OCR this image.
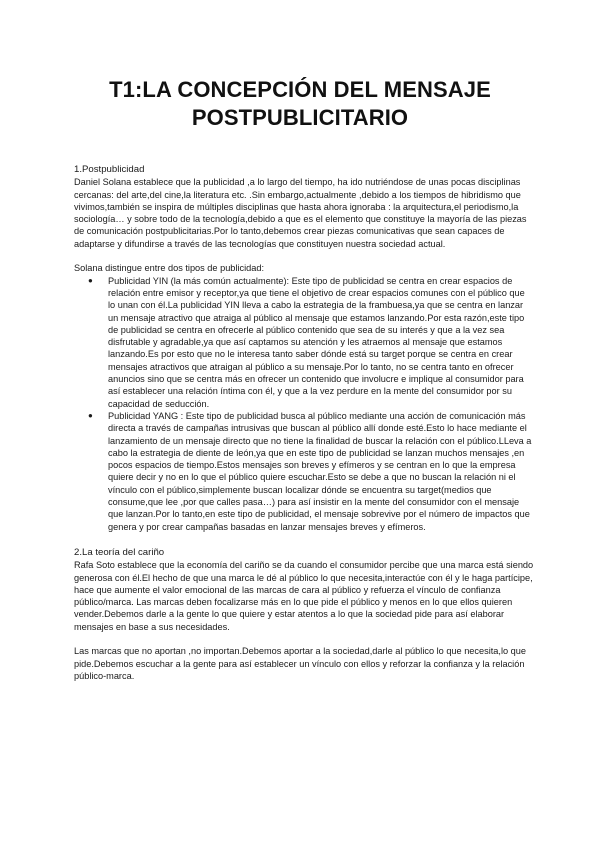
T1:LA CONCEPCIÓN DEL MENSAJE
POSTPUBLICITARIO

1.Postpublicidad

Daniel Solana establece que la publicidad ,a lo largo del tiempo, ha ido nutriéndose de unas pocas disciplinas cercanas: del arte,del cine,la literatura etc. .Sin embargo,actualmente ,debido a los tiempos de hibridismo que vivimos,también se inspira de múltiples disciplinas que hasta ahora ignoraba : la arquitectura,el periodismo,la sociología… y sobre todo de la tecnología,debido a que es el elemento que constituye la mayoría de las piezas de comunicación postpublicitarias.Por lo tanto,debemos crear piezas comunicativas que sean capaces de adaptarse y difundirse a través de las tecnologías que constituyen nuestra sociedad actual.

Solana distingue entre dos tipos de publicidad:

● Publicidad YIN (la más común actualmente): Este tipo de publicidad se centra en crear espacios de relación entre emisor y receptor,ya que tiene el objetivo de crear espacios comunes con el público que lo unan con él.La publicidad YIN lleva a cabo la estrategia de la frambuesa,ya que se centra en lanzar un mensaje atractivo que atraiga al público al mensaje que estamos lanzando.Por esta razón,este tipo de publicidad se centra en ofrecerle al público contenido que sea de su interés y que a la vez sea disfrutable y agradable,ya que así captamos su atención y les atraemos al mensaje que estamos lanzando.Es por esto que no le interesa tanto saber dónde está su target porque se centra en crear mensajes atractivos que atraigan al público a su mensaje.Por lo tanto, no se centra tanto en ofrecer anuncios sino que se centra más en ofrecer un contenido que involucre e implique al consumidor para así establecer una relación íntima con él, y que a la vez perdure en la mente del consumidor por su capacidad de seducción.
● Publicidad YANG : Este tipo de publicidad busca al público mediante una acción de comunicación más directa a través de campañas intrusivas que buscan al público allí donde esté.Esto lo hace mediante el lanzamiento de un mensaje directo que no tiene la finalidad de buscar la relación con el público.LLeva a cabo la estrategia de diente de león,ya que en este tipo de publicidad se lanzan muchos mensajes ,en pocos espacios de tiempo.Estos mensajes son breves y efímeros y se centran en lo que la empresa quiere decir y no en lo que el público quiere escuchar.Esto se debe a que no buscan la relación ni el vínculo con el público,simplemente buscan localizar dónde se encuentra su target(medios que consume,que lee ,por que calles pasa…) para así insistir en la mente del consumidor con el mensaje que lanzan.Por lo tanto,en este tipo de publicidad, el mensaje sobrevive por el número de impactos que genera y por crear campañas basadas en lanzar mensajes breves y efímeros.

2.La teoría del cariño

Rafa Soto establece que la economía del cariño se da cuando el consumidor percibe que una marca está siendo generosa con él.El hecho de que una marca le dé al público lo que necesita,interactúe con él y le haga partícipe, hace que aumente el valor emocional de las marcas de cara al público y refuerza el vínculo de confianza público/marca. Las marcas deben focalizarse más en lo que pide el público y menos en lo que ellos quieren vender.Debemos darle a la gente lo que quiere y estar atentos a lo que la sociedad pide para así elaborar mensajes en base a sus necesidades.

Las marcas que no aportan ,no importan.Debemos aportar a la sociedad,darle al público lo que necesita,lo que pide.Debemos escuchar a la gente para así establecer un vínculo con ellos y reforzar la confianza y la relación público-marca.
